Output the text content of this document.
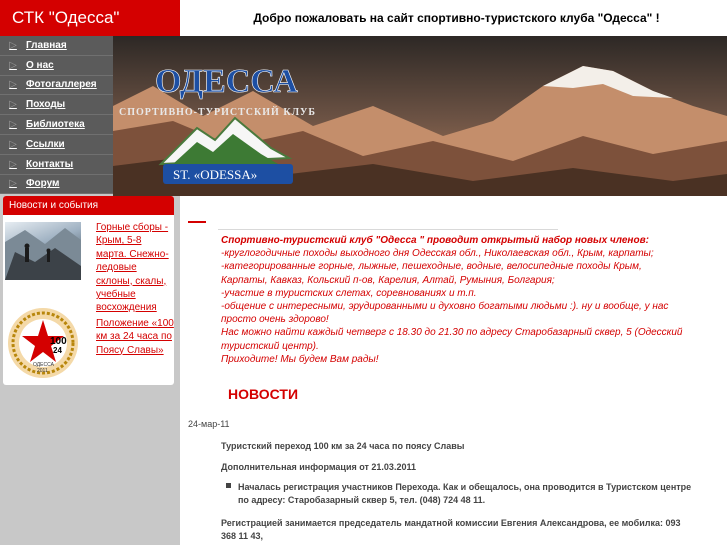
СТК "Одесса"
▷ Главная
▷ О нас
▷ Фотогаллерея
▷ Походы
▷ Библиотека
▷ Ссылки
▷ Контакты
▷ Форум
Новости и события
Горные сборы - Крым, 5-8 марта. Снежно-ледовые склоны, скалы, учебные восхождения
100
24
ОДЕССА
2011
Положение «100 км за 24 часа по Поясу Славы»
Добро пожаловать на сайт спортивно-туристского клуба "Одесса" !
ОДЕССА
СПОРТИВНО-ТУРИСТСКИЙ КЛУБ
ST. «ODESSA»
Спортивно-туристский клуб "Одесса " проводит открытый набор новых членов:
-круглогодичные походы выходного дня Одесская обл., Николаевская обл., Крым, карпаты;
-категорированные горные, лыжные, пешеходные, водные, велосипедные походы Крым, Карпаты, Кавказ, Кольский п-ов, Карелия, Алтай, Румыния, Болгария;
-участие в туристских слетах, соревнованиях и т.п.
-общение с интересными, эрудированными и духовно богатыми людьми :). ну и вообще, у нас просто очень здорово!
Нас можно найти каждый четверг с 18.30 до 21.30 по адресу Старобазарный сквер, 5 (Одесский туристский центр).
Приходите! Мы будем Вам рады!
НОВОСТИ
24-мар-11
Туристский переход 100 км за 24 часа по поясу Славы
Дополнительная информация от 21.03.2011
Началась регистрация участников Перехода. Как и обещалось, она проводится в Туристском центре по адресу: Старобазарный сквер 5, тел. (048) 724 48 11.
Регистрацией занимается председатель мандатной комиссии Евгения Александрова, ее мобилка: 093 368 11 43,
